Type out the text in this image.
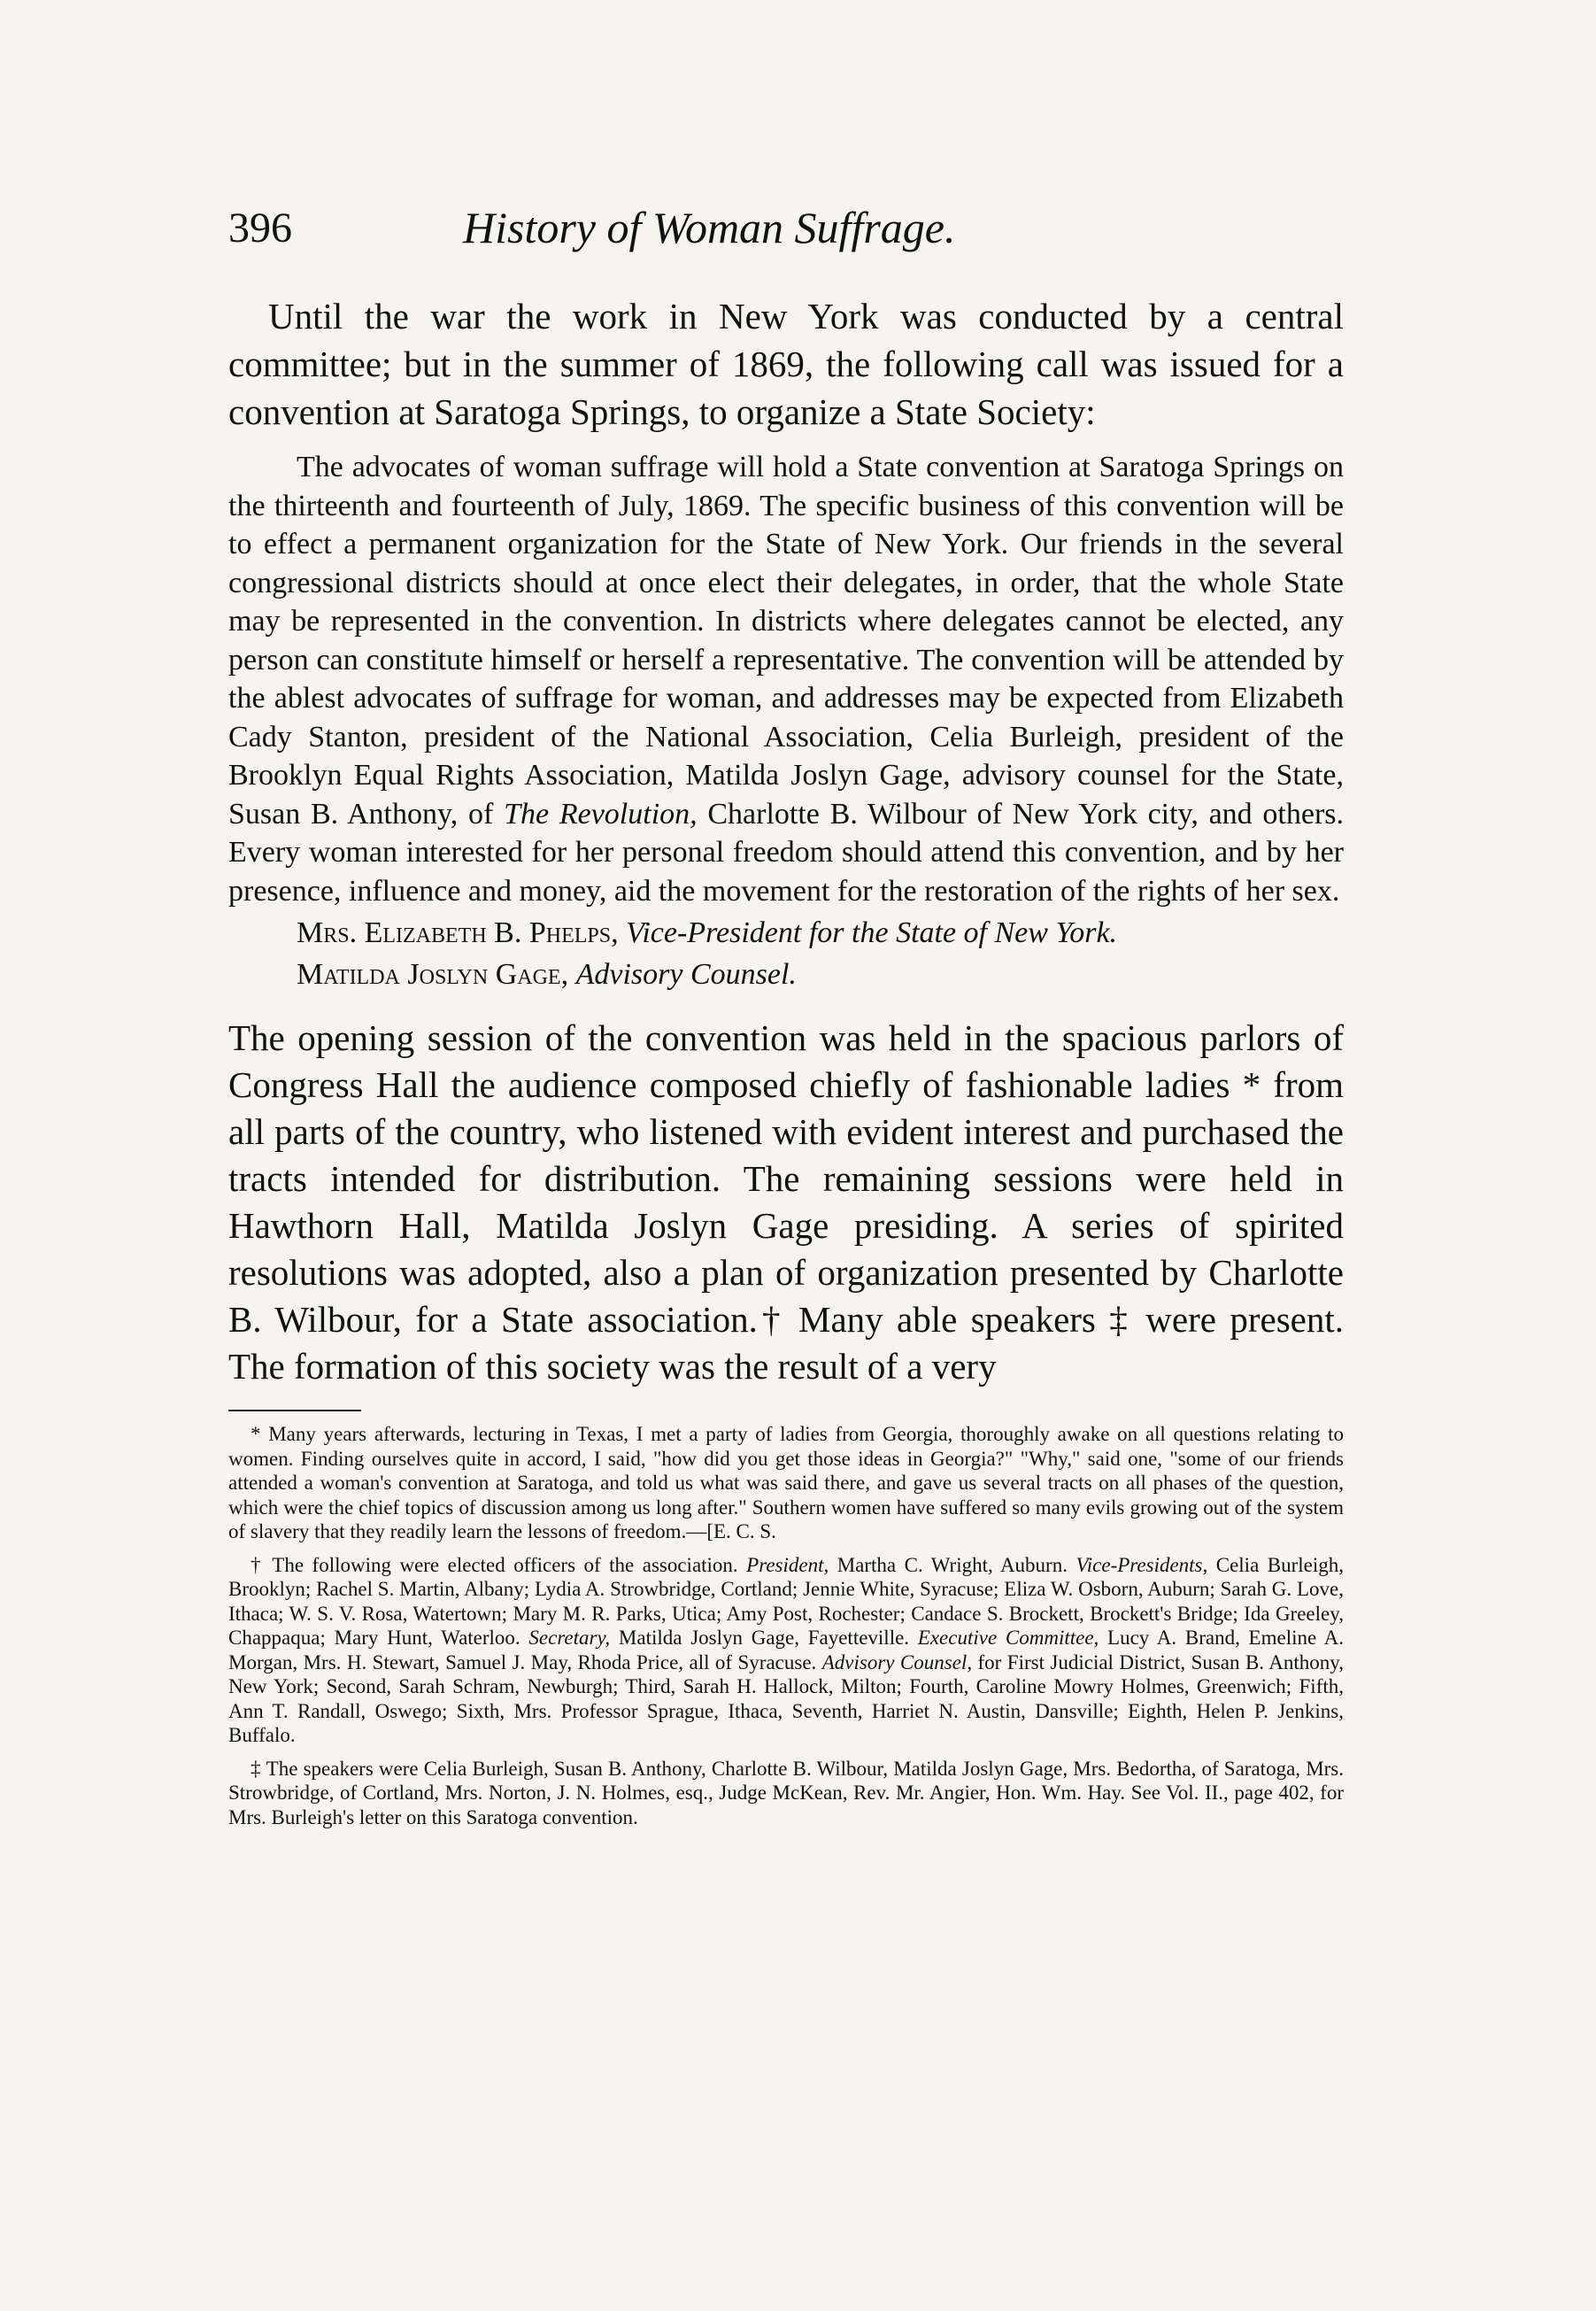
396	History of Woman Suffrage.

Until the war the work in New York was conducted by a central committee; but in the summer of 1869, the following call was issued for a convention at Saratoga Springs, to organize a State Society:

The advocates of woman suffrage will hold a State convention at Saratoga Springs on the thirteenth and fourteenth of July, 1869. The specific business of this convention will be to effect a permanent organization for the State of New York. Our friends in the several congressional districts should at once elect their delegates, in order, that the whole State may be represented in the convention. In districts where delegates cannot be elected, any person can constitute himself or herself a representative. The convention will be attended by the ablest advocates of suffrage for woman, and addresses may be expected from Elizabeth Cady Stanton, president of the National Association, Celia Burleigh, president of the Brooklyn Equal Rights Association, Matilda Joslyn Gage, advisory counsel for the State, Susan B. Anthony, of The Revolution, Charlotte B. Wilbour of New York city, and others. Every woman interested for her personal freedom should attend this convention, and by her presence, influence and money, aid the movement for the restoration of the rights of her sex.

Mrs. Elizabeth B. Phelps, Vice-President for the State of New York.
Matilda Joslyn Gage, Advisory Counsel.

The opening session of the convention was held in the spacious parlors of Congress Hall the audience composed chiefly of fashionable ladies * from all parts of the country, who listened with evident interest and purchased the tracts intended for distribution. The remaining sessions were held in Hawthorn Hall, Matilda Joslyn Gage presiding. A series of spirited resolutions was adopted, also a plan of organization presented by Charlotte B. Wilbour, for a State association.† Many able speakers ‡ were present. The formation of this society was the result of a very

* Many years afterwards, lecturing in Texas, I met a party of ladies from Georgia, thoroughly awake on all questions relating to women. Finding ourselves quite in accord, I said, "how did you get those ideas in Georgia?" "Why," said one, "some of our friends attended a woman's convention at Saratoga, and told us what was said there, and gave us several tracts on all phases of the question, which were the chief topics of discussion among us long after." Southern women have suffered so many evils growing out of the system of slavery that they readily learn the lessons of freedom.—[E. C. S.

† The following were elected officers of the association. President, Martha C. Wright, Auburn. Vice-Presidents, Celia Burleigh, Brooklyn; Rachel S. Martin, Albany; Lydia A. Strowbridge, Cortland; Jennie White, Syracuse; Eliza W. Osborn, Auburn; Sarah G. Love, Ithaca; W. S. V. Rosa, Watertown; Mary M. R. Parks, Utica; Amy Post, Rochester; Candace S. Brockett, Brockett's Bridge; Ida Greeley, Chappaqua; Mary Hunt, Waterloo. Secretary, Matilda Joslyn Gage, Fayetteville. Executive Committee, Lucy A. Brand, Emeline A. Morgan, Mrs. H. Stewart, Samuel J. May, Rhoda Price, all of Syracuse. Advisory Counsel, for First Judicial District, Susan B. Anthony, New York; Second, Sarah Schram, Newburgh; Third, Sarah H. Hallock, Milton; Fourth, Caroline Mowry Holmes, Greenwich; Fifth, Ann T. Randall, Oswego; Sixth, Mrs. Professor Sprague, Ithaca, Seventh, Harriet N. Austin, Dansville; Eighth, Helen P. Jenkins, Buffalo.

‡ The speakers were Celia Burleigh, Susan B. Anthony, Charlotte B. Wilbour, Matilda Joslyn Gage, Mrs. Bedortha, of Saratoga, Mrs. Strowbridge, of Cortland, Mrs. Norton, J. N. Holmes, esq., Judge McKean, Rev. Mr. Angier, Hon. Wm. Hay. See Vol. II., page 402, for Mrs. Burleigh's letter on this Saratoga convention.
